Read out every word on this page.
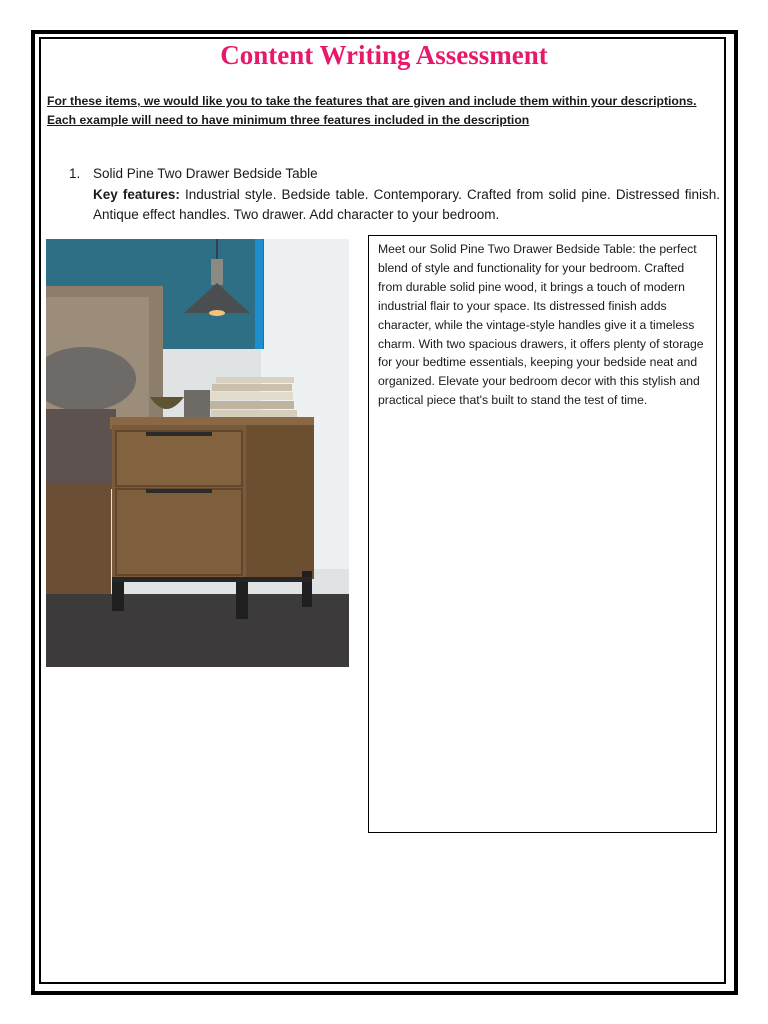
Content Writing Assessment

For these items, we would like you to take the features that are given and include them within your descriptions.
Each example will need to have minimum three features included in the description

1. Solid Pine Two Drawer Bedside Table

Key features: Industrial style. Bedside table. Contemporary. Crafted from solid pine. Distressed finish. Antique effect handles. Two drawer. Add character to your bedroom.

Meet our Solid Pine Two Drawer Bedside Table: the perfect blend of style and functionality for your bedroom. Crafted from durable solid pine wood, it brings a touch of modern industrial flair to your space. Its distressed finish adds character, while the vintage-style handles give it a timeless charm. With two spacious drawers, it offers plenty of storage for your bedtime essentials, keeping your bedside neat and organized. Elevate your bedroom decor with this stylish and practical piece that's built to stand the test of time.
